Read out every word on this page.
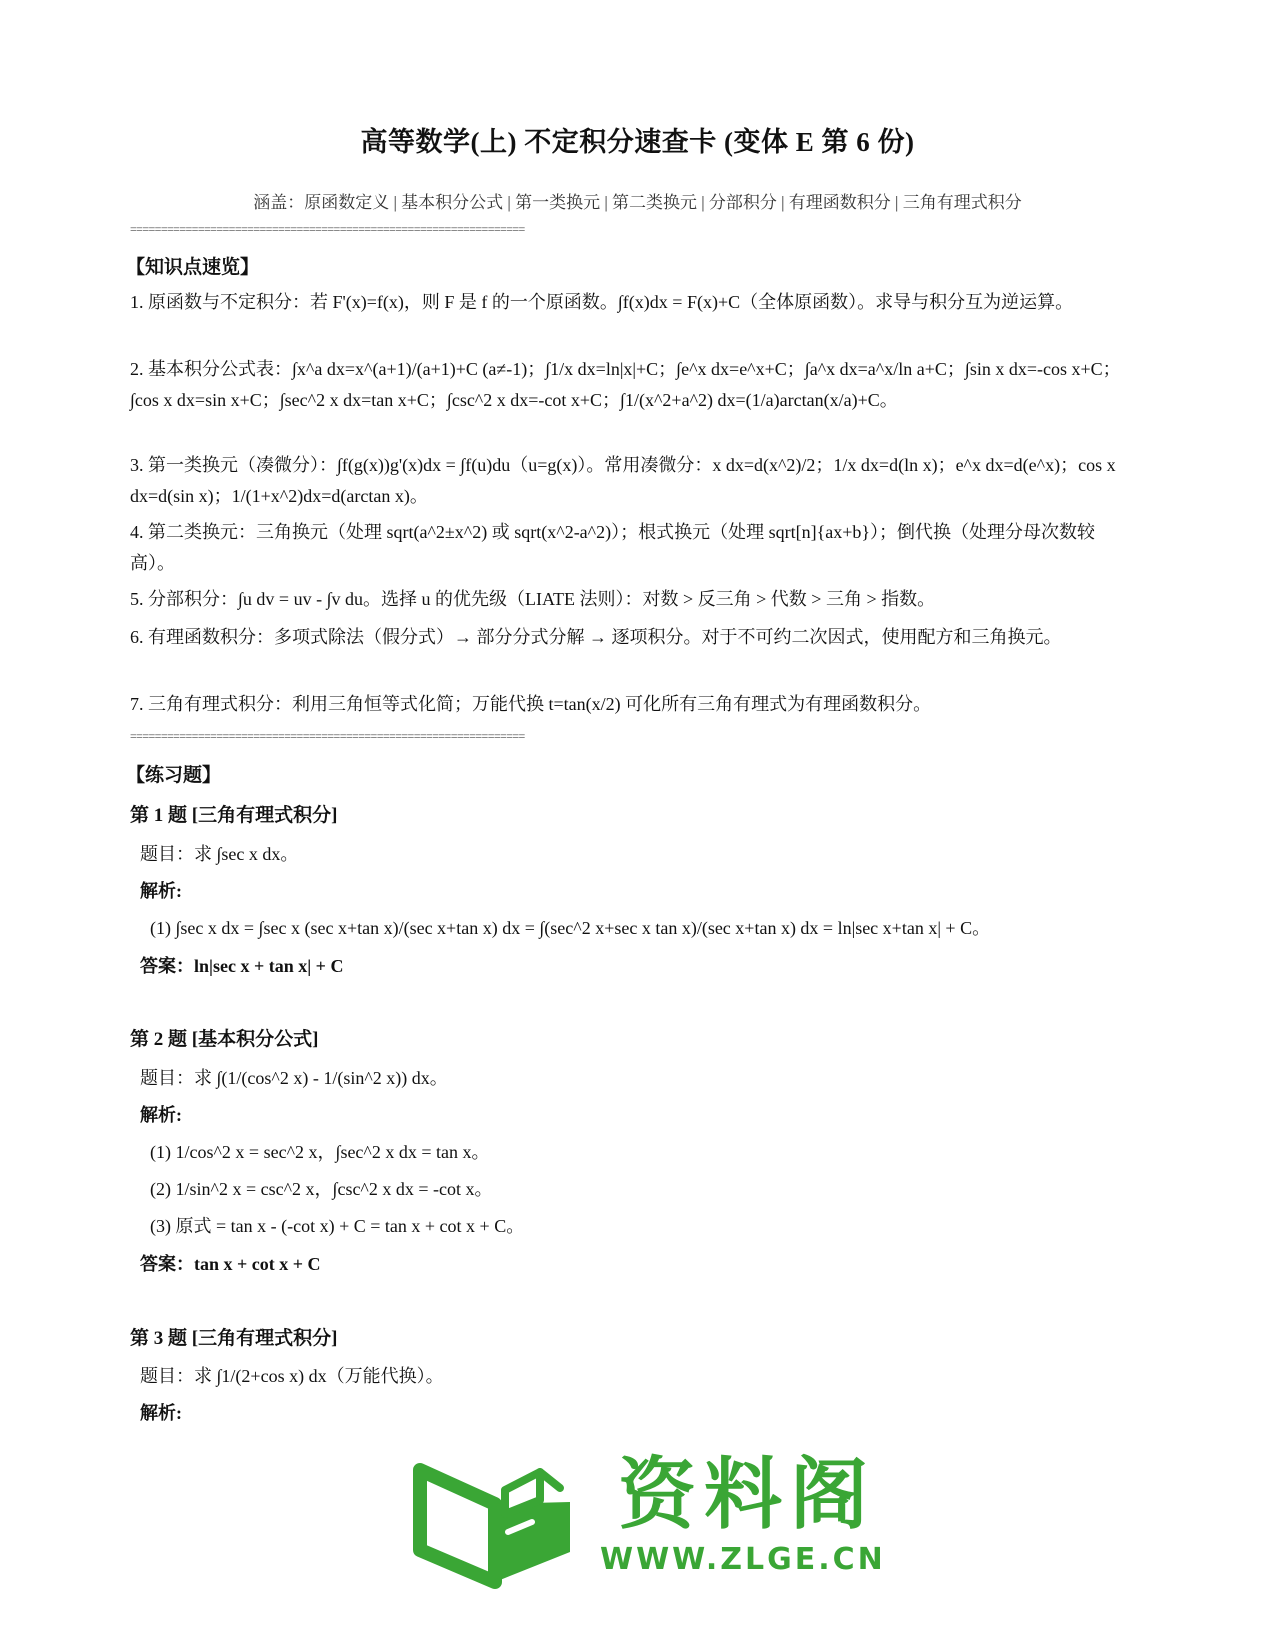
高等数学(上) 不定积分速查卡 (变体 E 第 6 份)
涵盖：原函数定义 | 基本积分公式 | 第一类换元 | 第二类换元 | 分部积分 | 有理函数积分 | 三角有理式积分
================================================================
【知识点速览】
1. 原函数与不定积分：若 F'(x)=f(x)，则 F 是 f 的一个原函数。∫f(x)dx = F(x)+C（全体原函数）。求导与积分互为逆运算。
2. 基本积分公式表：∫x^a dx=x^(a+1)/(a+1)+C (a≠-1)；∫1/x dx=ln|x|+C；∫e^x dx=e^x+C；∫a^x dx=a^x/ln a+C；∫sin x dx=-cos x+C；∫cos x dx=sin x+C；∫sec^2 x dx=tan x+C；∫csc^2 x dx=-cot x+C；∫1/(x^2+a^2) dx=(1/a)arctan(x/a)+C。
3. 第一类换元（凑微分）：∫f(g(x))g'(x)dx = ∫f(u)du（u=g(x)）。常用凑微分：x dx=d(x^2)/2；1/x dx=d(ln x)；e^x dx=d(e^x)；cos x dx=d(sin x)；1/(1+x^2)dx=d(arctan x)。
4. 第二类换元：三角换元（处理 sqrt(a^2±x^2) 或 sqrt(x^2-a^2)）；根式换元（处理 sqrt[n]{ax+b}）；倒代换（处理分母次数较高）。
5. 分部积分：∫u dv = uv - ∫v du。选择 u 的优先级（LIATE 法则）：对数 > 反三角 > 代数 > 三角 > 指数。
6. 有理函数积分：多项式除法（假分式）→ 部分分式分解 → 逐项积分。对于不可约二次因式，使用配方和三角换元。
7. 三角有理式积分：利用三角恒等式化简；万能代换 t=tan(x/2) 可化所有三角有理式为有理函数积分。
================================================================
【练习题】
第 1 题 [三角有理式积分]
题目：求 ∫sec x dx。
解析:
(1) ∫sec x dx = ∫sec x (sec x+tan x)/(sec x+tan x) dx = ∫(sec^2 x+sec x tan x)/(sec x+tan x) dx = ln|sec x+tan x| + C。
答案：ln|sec x + tan x| + C
第 2 题 [基本积分公式]
题目：求 ∫(1/(cos^2 x) - 1/(sin^2 x)) dx。
解析:
(1) 1/cos^2 x = sec^2 x，∫sec^2 x dx = tan x。
(2) 1/sin^2 x = csc^2 x，∫csc^2 x dx = -cot x。
(3) 原式 = tan x - (-cot x) + C = tan x + cot x + C。
答案：tan x + cot x + C
第 3 题 [三角有理式积分]
题目：求 ∫1/(2+cos x) dx（万能代换）。
解析:
资料阁
WWW.ZLGE.CN
